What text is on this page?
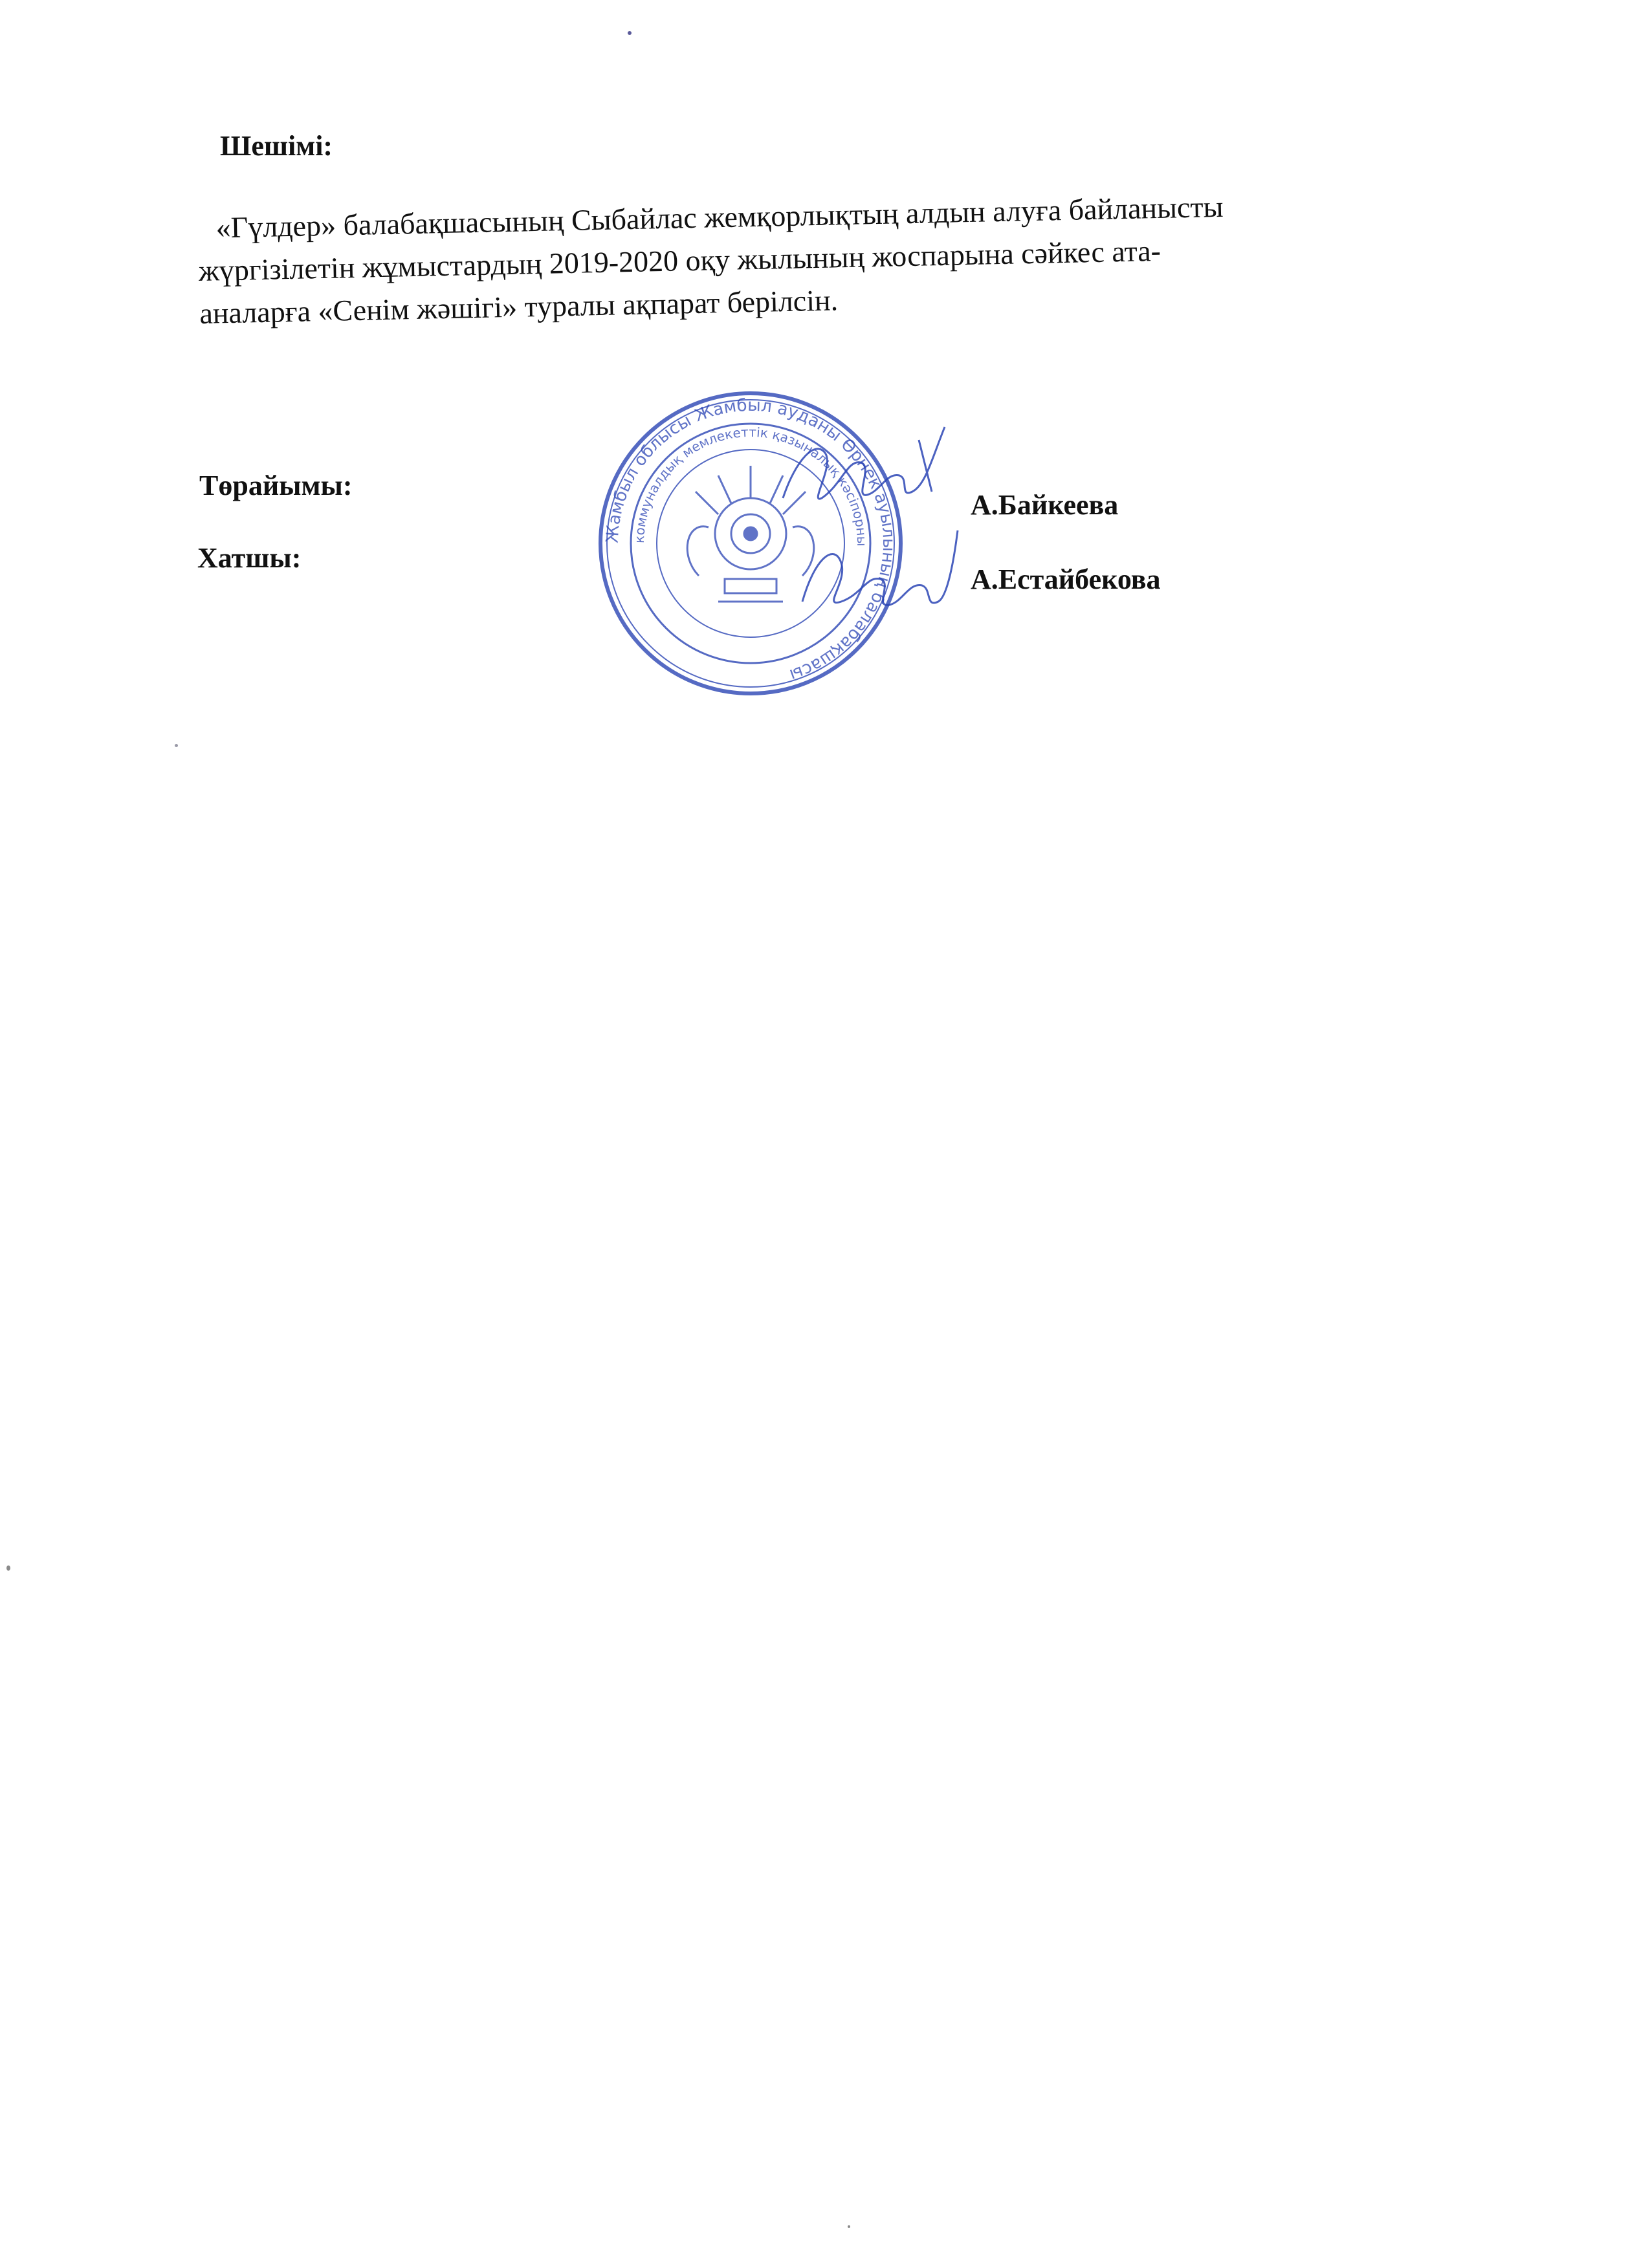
Шешімі:

«Гүлдер» балабақшасының Сыбайлас жемқорлықтың алдын алуға байланысты

жүргізілетін жұмыстардың 2019-2020 оқу жылының жоспарына сәйкес ата-

аналарға «Сенім жәшігі» туралы ақпарат берілсін.

Төрайымы:
Хатшы:
А.Байкеева
А.Естайбекова
Жамбыл облысы Жамбыл ауданы Өрнек ауылының балабақшасы
коммуналдық мемлекеттік қазыналық кәсіпорны
